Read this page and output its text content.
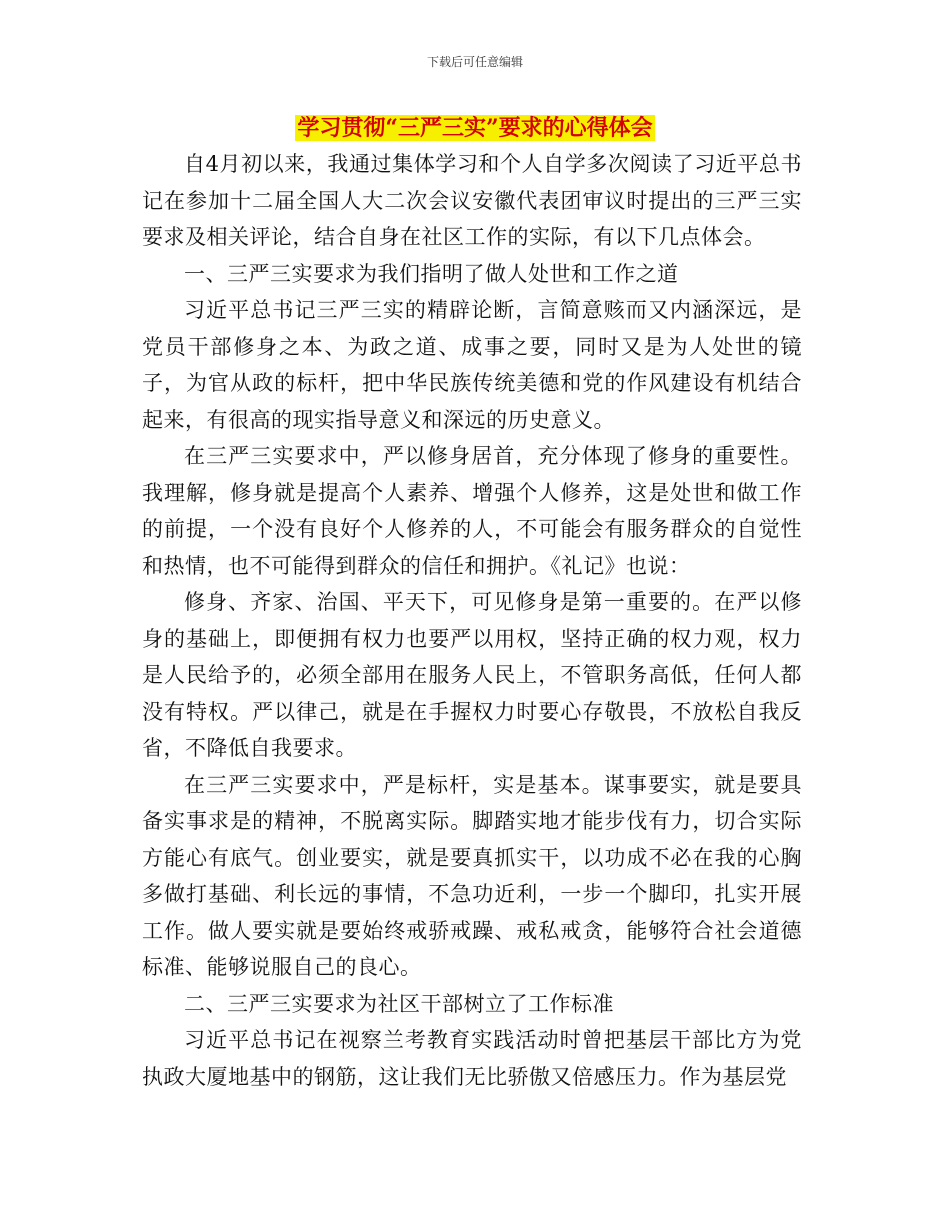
下载后可任意编辑
学习贯彻“三严三实”要求的心得体会

自4月初以来，我通过集体学习和个人自学多次阅读了习近平总书记在参加十二届全国人大二次会议安徽代表团审议时提出的三严三实要求及相关评论，结合自身在社区工作的实际，有以下几点体会。

一、三严三实要求为我们指明了做人处世和工作之道

习近平总书记三严三实的精辟论断，言简意赅而又内涵深远，是党员干部修身之本、为政之道、成事之要，同时又是为人处世的镜子，为官从政的标杆，把中华民族传统美德和党的作风建设有机结合起来，有很高的现实指导意义和深远的历史意义。

在三严三实要求中，严以修身居首，充分体现了修身的重要性。我理解，修身就是提高个人素养、增强个人修养，这是处世和做工作的前提，一个没有良好个人修养的人，不可能会有服务群众的自觉性和热情，也不可能得到群众的信任和拥护。《礼记》也说：

修身、齐家、治国、平天下，可见修身是第一重要的。在严以修身的基础上，即便拥有权力也要严以用权，坚持正确的权力观，权力是人民给予的，必须全部用在服务人民上，不管职务高低，任何人都没有特权。严以律己，就是在手握权力时要心存敬畏，不放松自我反省，不降低自我要求。

在三严三实要求中，严是标杆，实是基本。谋事要实，就是要具备实事求是的精神，不脱离实际。脚踏实地才能步伐有力，切合实际方能心有底气。创业要实，就是要真抓实干，以功成不必在我的心胸多做打基础、利长远的事情，不急功近利，一步一个脚印，扎实开展工作。做人要实就是要始终戒骄戒躁、戒私戒贪，能够符合社会道德标准、能够说服自己的良心。

二、三严三实要求为社区干部树立了工作标准

习近平总书记在视察兰考教育实践活动时曾把基层干部比方为党执政大厦地基中的钢筋，这让我们无比骄傲又倍感压力。作为基层党
